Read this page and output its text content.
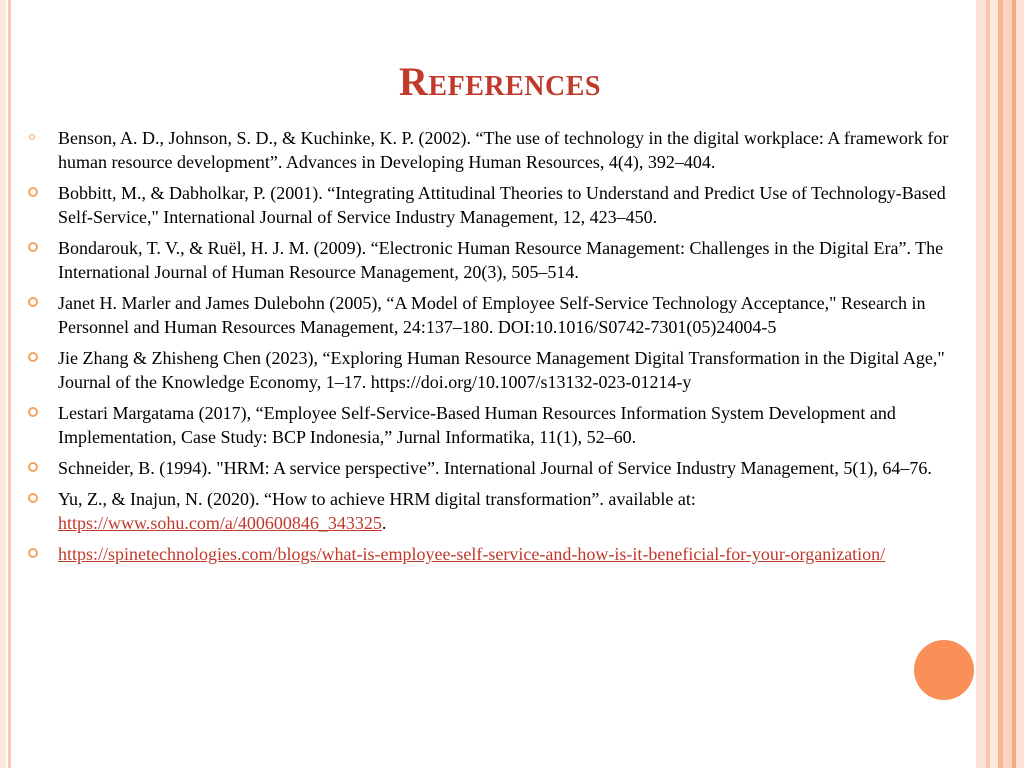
References
Benson, A. D., Johnson, S. D., & Kuchinke, K. P. (2002). “The use of technology in the digital workplace: A framework for human resource development”. Advances in Developing Human Resources, 4(4), 392–404.
Bobbitt, M., & Dabholkar, P. (2001). “Integrating Attitudinal Theories to Understand and Predict Use of Technology-Based Self-Service," International Journal of Service Industry Management, 12, 423–450.
Bondarouk, T. V., & Ruël, H. J. M. (2009). “Electronic Human Resource Management: Challenges in the Digital Era”. The International Journal of Human Resource Management, 20(3), 505–514.
Janet H. Marler and James Dulebohn (2005), “A Model of Employee Self-Service Technology Acceptance," Research in Personnel and Human Resources Management, 24:137–180. DOI:10.1016/S0742-7301(05)24004-5
Jie Zhang & Zhisheng Chen (2023), “Exploring Human Resource Management Digital Transformation in the Digital Age," Journal of the Knowledge Economy, 1–17. https://doi.org/10.1007/s13132-023-01214-y
Lestari Margatama (2017), “Employee Self-Service-Based Human Resources Information System Development and Implementation, Case Study: BCP Indonesia,” Jurnal Informatika, 11(1), 52–60.
Schneider, B. (1994). "HRM: A service perspective”. International Journal of Service Industry Management, 5(1), 64–76.
Yu, Z., & Inajun, N. (2020). “How to achieve HRM digital transformation”. available at: https://www.sohu.com/a/400600846_343325.
https://spinetechnologies.com/blogs/what-is-employee-self-service-and-how-is-it-beneficial-for-your-organization/
